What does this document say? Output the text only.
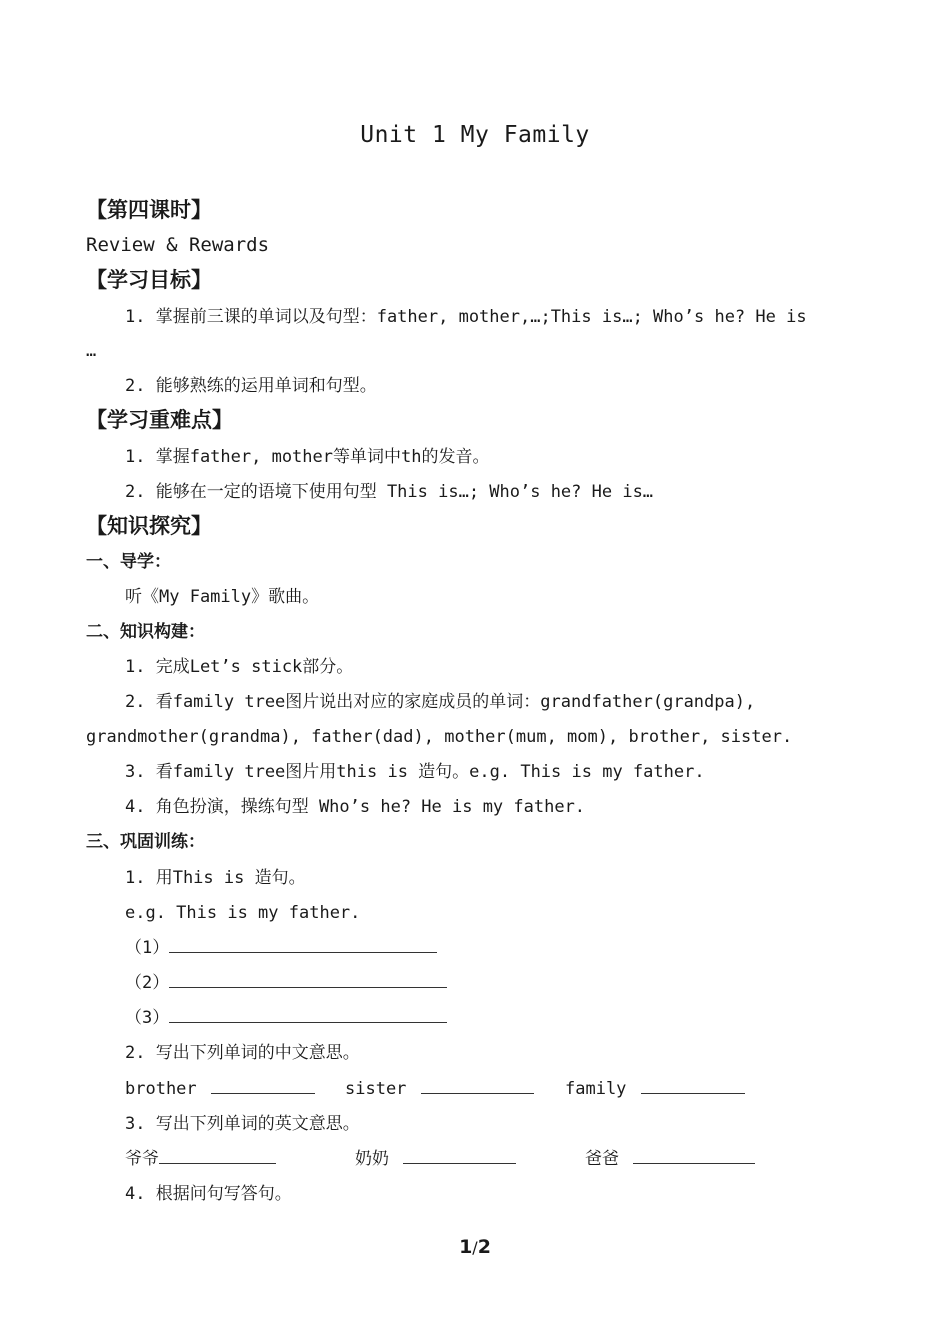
Unit 1 My Family
【第四课时】
Review & Rewards
【学习目标】
1. 掌握前三课的单词以及句型：father, mother,…;This is…; Who’s he? He is
…
2. 能够熟练的运用单词和句型。
【学习重难点】
1. 掌握father, mother等单词中th的发音。
2. 能够在一定的语境下使用句型 This is…; Who’s he? He is…
【知识探究】
一、导学：
听《My Family》歌曲。
二、知识构建：
1. 完成Let’s stick部分。
2. 看family tree图片说出对应的家庭成员的单词：grandfather(grandpa),
grandmother(grandma), father(dad), mother(mum, mom), brother, sister.
3. 看family tree图片用this is 造句。e.g. This is my father.
4. 角色扮演，操练句型 Who’s he? He is my father.
三、巩固训练：
1. 用This is 造句。
e.g. This is my father.
（1）
（2）
（3）
2. 写出下列单词的中文意思。
brother	sister	family
3. 写出下列单词的英文意思。
爷爷	奶奶	爸爸
4. 根据问句写答句。
1/2
